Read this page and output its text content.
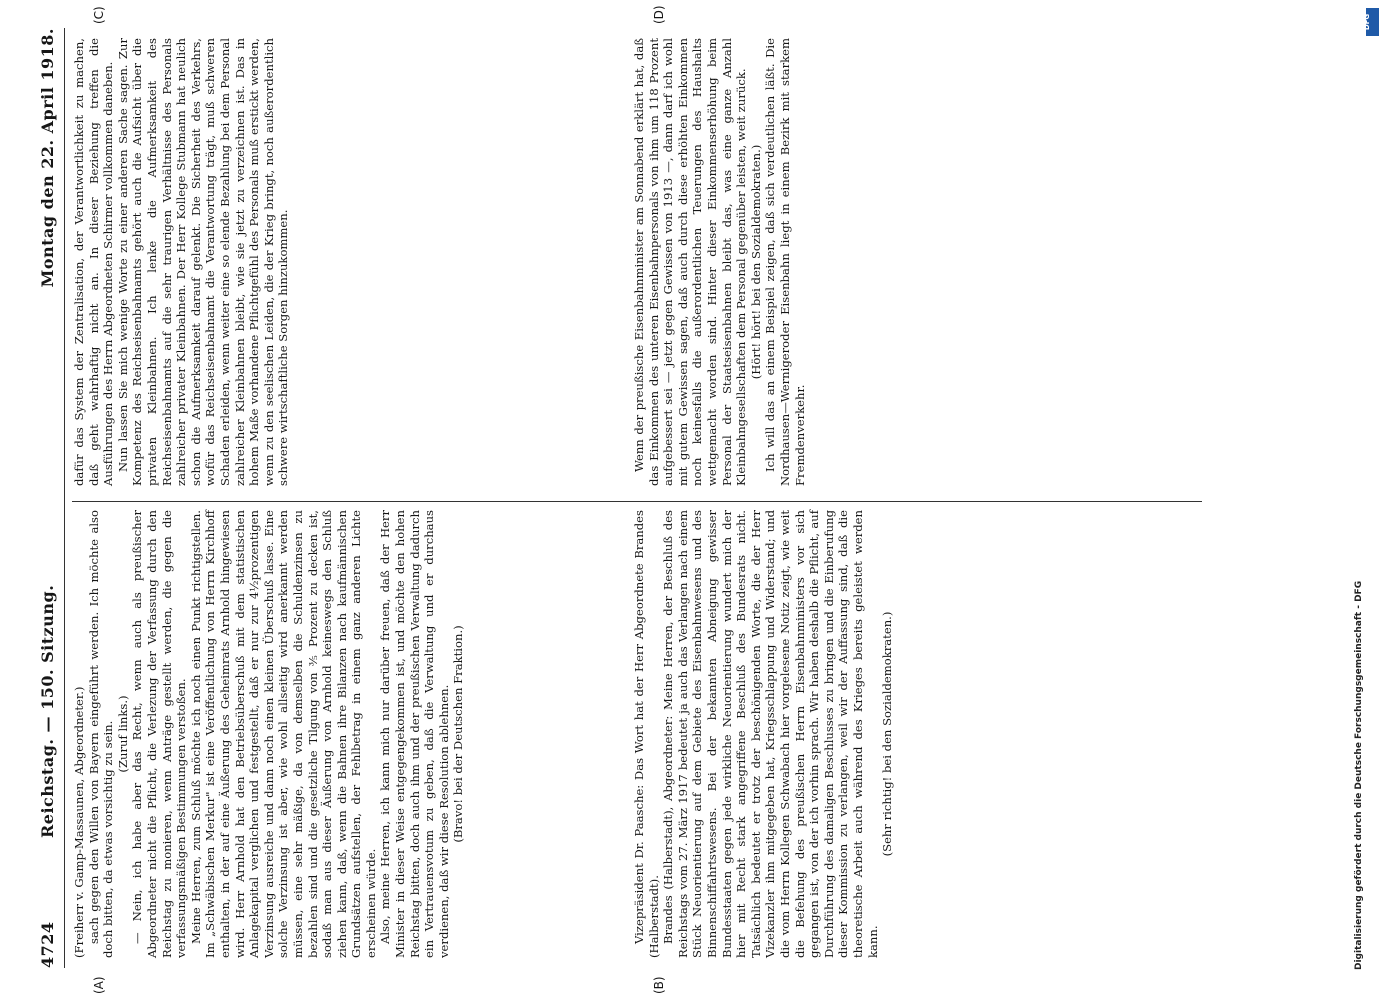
4724
Reichstag. — 150. Sitzung.
Montag den 22. April 1918.
(A)	(B)
(C)	(D)

(Freiherr v. Gamp-Massaunen, Abgeordneter.) sach gegen den Willen von Bayern eingeführt werden. Ich möchte also doch bitten, da etwas vorsichtig zu sein. (Zuruf links.) — Nein, ich habe aber das Recht, wenn auch als preußischer Abgeordneter nicht die Pflicht, die Verlezung der Verfassung durch den Reichstag zu monieren, wenn Anträge gestellt werden, die gegen die verfassungsmäßigen Bestimmungen verstoßen. Meine Herren, zum Schluß möchte ich noch einen Punkt richtigstellen. Im „Schwäbischen Merkur" ist eine Veröffentlichung von Herrn Kirchhoff enthalten, in der auf eine Äußerung des Geheimrats Arnhold hingewiesen wird. Herr Arnhold hat den Betriebsüberschuß mit dem statistischen Anlagekapital verglichen und festgestellt, daß er nur zur 4½prozentigen Verzinsung ausreiche und dann noch einen kleinen Überschuß lasse. Eine solche Verzinsung ist aber, wie wohl allseitig wird anerkannt werden müssen, eine sehr mäßige, da von demselben die Schuldenzinsen zu bezahlen sind und die gesetzliche Tilgung von ⅗ Prozent zu decken ist, sodaß man aus dieser Äußerung von Arnhold keineswegs den Schluß ziehen kann, daß, wenn die Bahnen ihre Bilanzen nach kaufmännischen Grundsätzen aufstellen, der Fehlbetrag in einem ganz anderen Lichte erscheinen würde. Also, meine Herren, ich kann mich nur darüber freuen, daß der Herr Minister in dieser Weise entgegengekommen ist, und möchte den hohen Reichstag bitten, doch auch ihm und der preußischen Verwaltung dadurch ein Vertrauensvotum zu geben, daß die Verwaltung und er durchaus verdienen, daß wir diese Resolution ablehnen. (Bravo! bei der Deutschen Fraktion.)	Vizepräsident Dr. Paasche: Das Wort hat der Herr Abgeordnete Brandes (Halberstadt). Brandes (Halberstadt), Abgeordneter: Meine Herren, der Beschluß des Reichstags vom 27. März 1917 bedeutet ja auch das Verlangen nach einem Stück Neuorientierung auf dem Gebiete des Eisenbahnwesens und des Binnenschiffahrtswesens. Bei der bekannten Abneigung gewisser Bundesstaaten gegen jede wirkliche Neuorientierung wundert mich der hier mit Recht stark angegriffene Beschluß des Bundesrats nicht. Tatsächlich bedeutet er trotz der beschönigenden Worte, die der Herr Vizekanzler ihm mitgegeben hat, Kriegsschlappung und Widerstand; und die vom Herrn Kollegen Schwabach hier vorgelesene Notiz zeigt, wie weit die Befehung des preußischen Herrn Eisenbahnministers vor sich gegangen ist, von der ich vorhin sprach. Wir haben deshalb die Pflicht, auf Durchführung des damaligen Beschlusses zu bringen und die Einberufung dieser Kommission zu verlangen, weil wir der Auffassung sind, daß die theoretische Arbeit auch während des Krieges bereits geleistet werden kann.

(Sehr richtig! bei den Sozialdemokraten.)

dafür das System der Zentralisation, der Verantwortlichkeit zu machen, daß geht wahrhaftig nicht an. In dieser Beziehung treffen die Ausführungen des Herrn Abgeordneten Schirmer vollkommen daneben. Nun lassen Sie mich wenige Worte zu einer anderen Sache sagen. Zur Kompetenz des Reichseisenbahnamts gehört auch die Aufsicht über die privaten Kleinbahnen. Ich lenke die Aufmerksamkeit des Reichseisenbahnamts auf die sehr traurigen Verhältnisse des Personals zahlreicher privater Kleinbahnen. Der Herr Kollege Stubmann hat neulich schon die Aufmerksamkeit darauf gelenkt. Die Sicherheit des Verkehrs, wofür das Reichseisenbahnamt die Verantwortung trägt, muß schweren Schaden erleiden, wenn weiter eine so elende Bezahlung bei dem Personal zahlreicher Kleinbahnen bleibt, wie sie jetzt zu verzeichnen ist. Das in hohem Maße vorhandene Pflichtgefühl des Personals muß erstickt werden, wenn zu den seelischen Leiden, die der Krieg bringt, noch außerordentlich schwere wirtschaftliche Sorgen hinzukommen.	Wenn der preußische Eisenbahnminister am Sonnabend erklärt hat, daß das Einkommen des unteren Eisenbahnpersonals von ihm um 118 Prozent aufgebessert sei — jetzt gegen Gewissen von 1913 —, dann darf ich wohl mit gutem Gewissen sagen, daß auch durch diese erhöhten Einkommen noch keinesfalls die außerordentlichen Teuerungen des Haushalts wettgemacht worden sind. Hinter dieser Einkommenserhöhung beim Personal der Staatseisenbahnen bleibt das, was eine ganze Anzahl Kleinbahngesellschaften dem Personal gegenüber leisten, weit zurück. (Hört! hört! bei den Sozialdemokraten.) Ich will das an einem Beispiel zeigen, daß sich verdeutlichen läßt. Die Nordhausen—Wernigeroder Eisenbahn liegt in einem Bezirk mit starkem Fremdenverkehr.

Digitalisierung gefördert durch die Deutsche Forschungsgemeinschaft - DFG
DFG
